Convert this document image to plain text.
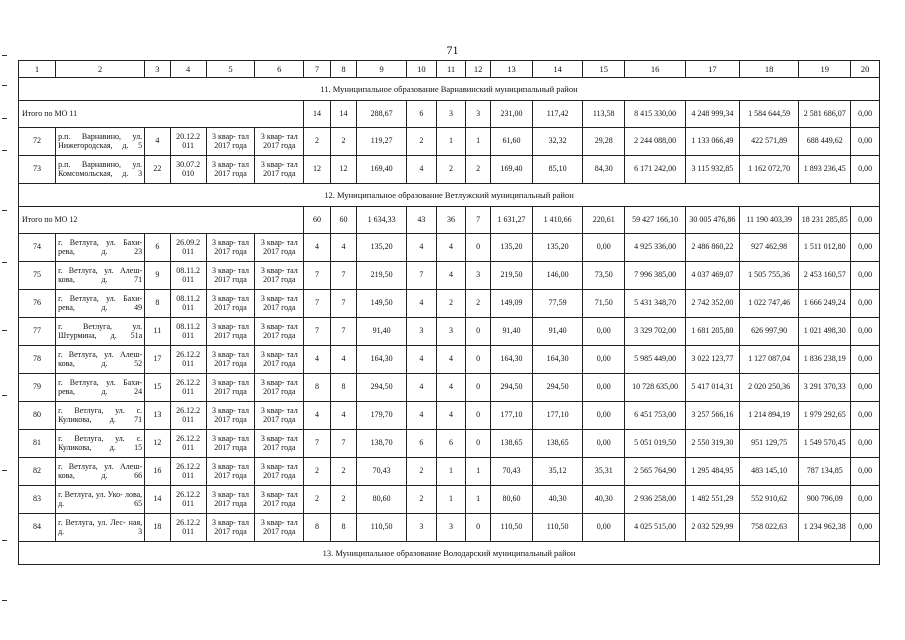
71
1	2	3	4	5	6	7	8	9	10	11	12	13	14	15	16	17	18	19	20
11. Муниципальное образование Варнавинский муниципальный район																			
Итого по МО 11						14	14	288,67	6	3	3	231,00	117,42	113,58	8 415 330,00	4 248 999,34	1 584 644,59	2 581 686,07	0,00
72	р.п. Варнавино, ул. Нижегородская, д. 5	4	20.12.2 011	3 квар- тал 2017 года	3 квар- тал 2017 года	2	2	119,27	2	1	1	61,60	32,32	29,28	2 244 088,00	1 133 066,49	422 571,89	688 449,62	0,00
73	р.п. Варнавино, ул. Комсомольская, д. 3	22	30.07.2 010	3 квар- тал 2017 года	3 квар- тал 2017 года	12	12	169,40	4	2	2	169,40	85,10	84,30	6 171 242,00	3 115 932,85	1 162 072,70	1 893 236,45	0,00
12. Муниципальное образование Ветлужский муниципальный район																			
Итого по МО 12						60	60	1 634,33	43	36	7	1 631,27	1 410,66	220,61	59 427 166,10	30 005 476,86	11 190 403,39	18 231 285,85	0,00
74	г. Ветлуга, ул. Бахи- рева, д. 23	6	26.09.2 011	3 квар- тал 2017 года	3 квар- тал 2017 года	4	4	135,20	4	4	0	135,20	135,20	0,00	4 925 336,00	2 486 860,22	927 462,98	1 511 012,80	0,00
75	г. Ветлуга, ул. Алеш- кова, д. 71	9	08.11.2 011	3 квар- тал 2017 года	3 квар- тал 2017 года	7	7	219,50	7	4	3	219,50	146,00	73,50	7 996 385,00	4 037 469,07	1 505 755,36	2 453 160,57	0,00
76	г. Ветлуга, ул. Бахи- рева, д. 49	8	08.11.2 011	3 квар- тал 2017 года	3 квар- тал 2017 года	7	7	149,50	4	2	2	149,09	77,59	71,50	5 431 348,70	2 742 352,00	1 022 747,46	1 666 249,24	0,00
77	г. Ветлуга, ул. Штурмина, д. 51а	11	08.11.2 011	3 квар- тал 2017 года	3 квар- тал 2017 года	7	7	91,40	3	3	0	91,40	91,40	0,00	3 329 702,00	1 681 205,80	626 997,90	1 021 498,30	0,00
78	г. Ветлуга, ул. Алеш- кова, д. 52	17	26.12.2 011	3 квар- тал 2017 года	3 квар- тал 2017 года	4	4	164,30	4	4	0	164,30	164,30	0,00	5 985 449,00	3 022 123,77	1 127 087,04	1 836 238,19	0,00
79	г. Ветлуга, ул. Бахи- рева, д. 24	15	26.12.2 011	3 квар- тал 2017 года	3 квар- тал 2017 года	8	8	294,50	4	4	0	294,50	294,50	0,00	10 728 635,00	5 417 014,31	2 020 250,36	3 291 370,33	0,00
80	г. Ветлуга, ул. с. Куликова, д. 71	13	26.12.2 011	3 квар- тал 2017 года	3 квар- тал 2017 года	4	4	179,70	4	4	0	177,10	177,10	0,00	6 451 753,00	3 257 566,16	1 214 894,19	1 979 292,65	0,00
81	г. Ветлуга, ул. с. Куликова, д. 15	12	26.12.2 011	3 квар- тал 2017 года	3 квар- тал 2017 года	7	7	138,70	6	6	0	138,65	138,65	0,00	5 051 019,50	2 550 319,30	951 129,75	1 549 570,45	0,00
82	г. Ветлуга, ул. Алеш- кова, д. 66	16	26.12.2 011	3 квар- тал 2017 года	3 квар- тал 2017 года	2	2	70,43	2	1	1	70,43	35,12	35,31	2 565 764,90	1 295 484,95	483 145,10	787 134,85	0,00
83	г. Ветлуга, ул. Уко- лова, д. 65	14	26.12.2 011	3 квар- тал 2017 года	3 квар- тал 2017 года	2	2	80,60	2	1	1	80,60	40,30	40,30	2 936 258,00	1 482 551,29	552 910,62	900 796,09	0,00
84	г. Ветлуга, ул. Лес- ная, д. 3	18	26.12.2 011	3 квар- тал 2017 года	3 квар- тал 2017 года	8	8	110,50	3	3	0	110,50	110,50	0,00	4 025 515,00	2 032 529,99	758 022,63	1 234 962,38	0,00
13. Муниципальное образование Володарский муниципальный район																			
